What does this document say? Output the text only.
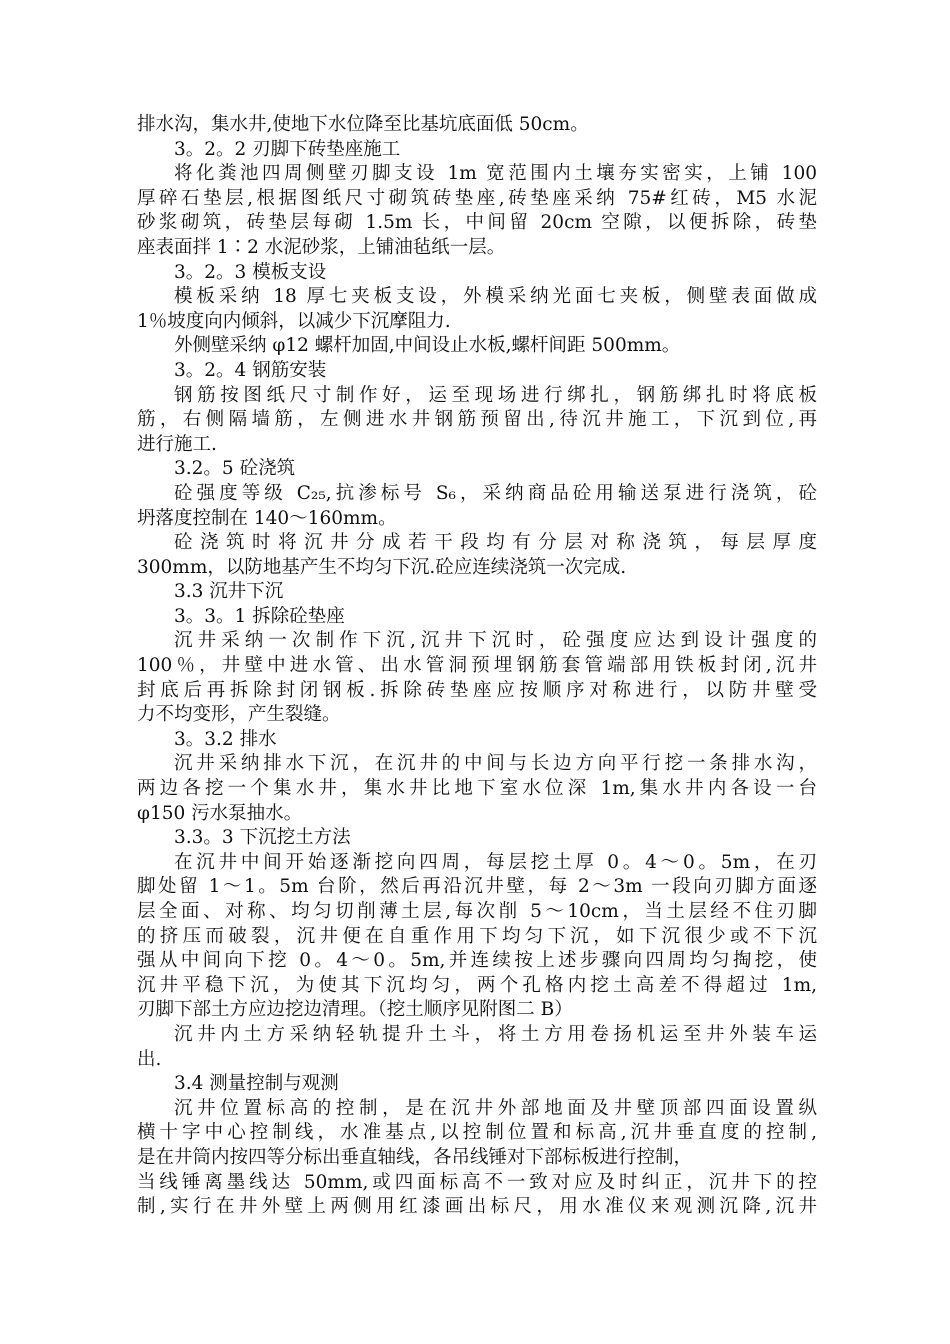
排水沟，集水井,使地下水位降至比基坑底面低 50cm。
3。2。2 刃脚下砖垫座施工
将化粪池四周侧壁刃脚支设 1m 宽范围内土壤夯实密实，上铺 100
厚碎石垫层,根据图纸尺寸砌筑砖垫座,砖垫座采纳 75#红砖，M5 水泥
砂浆砌筑，砖垫层每砌 1.5m 长，中间留 20cm 空隙，以便拆除，砖垫
座表面拌 1∶2 水泥砂浆，上铺油毡纸一层。
3。2。3 模板支设
模板采纳 18 厚七夹板支设，外模采纳光面七夹板，侧壁表面做成
1％坡度向内倾斜，以减少下沉摩阻力.
外侧壁采纳 φ12 螺杆加固,中间设止水板,螺杆间距 500mm。
3。2。4 钢筋安装
钢筋按图纸尺寸制作好，运至现场进行绑扎，钢筋绑扎时将底板
筋，右侧隔墙筋，左侧进水井钢筋预留出,待沉井施工，下沉到位,再
进行施工.
3.2。5 砼浇筑
砼强度等级 C₂₅,抗渗标号 S₆，采纳商品砼用输送泵进行浇筑，砼
坍落度控制在 140～160mm。
砼浇筑时将沉井分成若干段均有分层对称浇筑，每层厚度
300mm，以防地基产生不均匀下沉.砼应连续浇筑一次完成.
3.3 沉井下沉
3。3。1 拆除砼垫座
沉井采纳一次制作下沉,沉井下沉时，砼强度应达到设计强度的
100％，井壁中进水管、出水管洞预埋钢筋套管端部用铁板封闭,沉井
封底后再拆除封闭钢板.拆除砖垫座应按顺序对称进行，以防井壁受
力不均变形，产生裂缝。
3。3.2 排水
沉井采纳排水下沉，在沉井的中间与长边方向平行挖一条排水沟，
两边各挖一个集水井，集水井比地下室水位深 1m,集水井内各设一台
φ150 污水泵抽水。
3.3。3 下沉挖土方法
在沉井中间开始逐渐挖向四周，每层挖土厚 0。4～0。5m，在刃
脚处留 1～1。5m 台阶，然后再沿沉井壁，每 2～3m 一段向刃脚方面逐
层全面、对称、均匀切削薄土层,每次削 5～10cm，当土层经不住刃脚
的挤压而破裂，沉井便在自重作用下均匀下沉，如下沉很少或不下沉
强从中间向下挖 0。4～0。5m,并连续按上述步骤向四周均匀掏挖，使
沉井平稳下沉，为使其下沉均匀，两个孔格内挖土高差不得超过 1m,
刃脚下部土方应边挖边清理。（挖土顺序见附图二 B）
沉井内土方采纳轻轨提升土斗，将土方用卷扬机运至井外装车运
出.
3.4 测量控制与观测
沉井位置标高的控制，是在沉井外部地面及井壁顶部四面设置纵
横十字中心控制线，水准基点,以控制位置和标高,沉井垂直度的控制,
是在井筒内按四等分标出垂直轴线，各吊线锤对下部标板进行控制，
当线锤离墨线达 50mm,或四面标高不一致对应及时纠正，沉井下的控
制,实行在井外壁上两侧用红漆画出标尺，用水准仪来观测沉降,沉井
